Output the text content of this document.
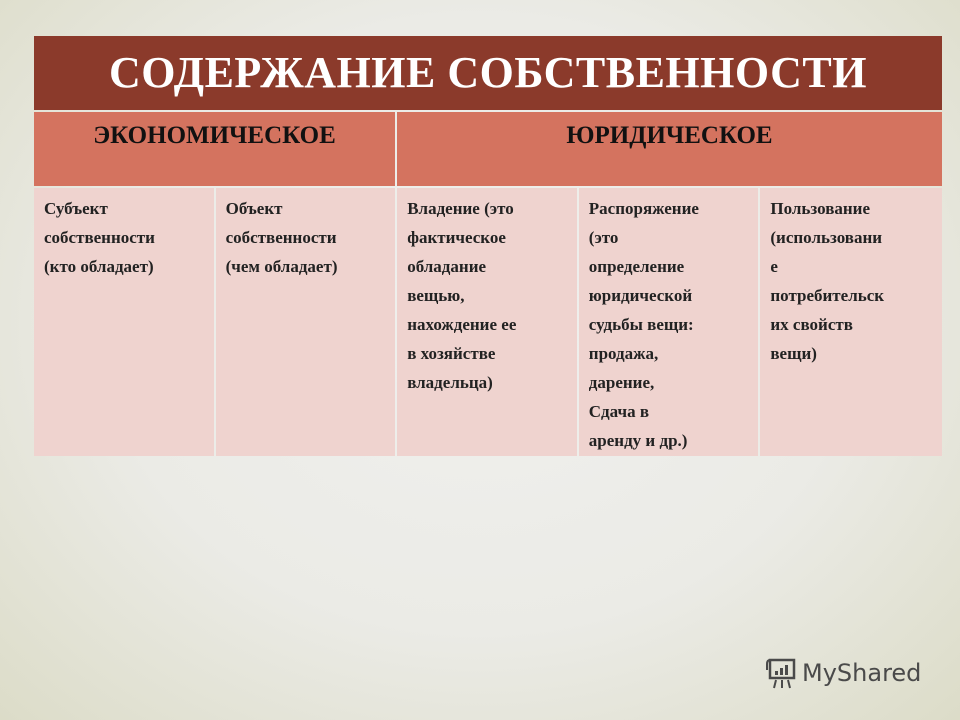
СОДЕРЖАНИЕ СОБСТВЕННОСТИ
ЭКОНОМИЧЕСКОЕ	ЮРИДИЧЕСКОЕ
Субъект
собственности
(кто обладает)
Объект
собственности
(чем обладает)
Владение (это
фактическое
обладание
вещью,
нахождение ее
в хозяйстве
владельца)
Распоряжение
(это
определение
юридической
судьбы вещи:
продажа,
дарение,
Сдача в
аренду и др.)
Пользование
(использовани
е
потребительск
их свойств
вещи)
MyShared
